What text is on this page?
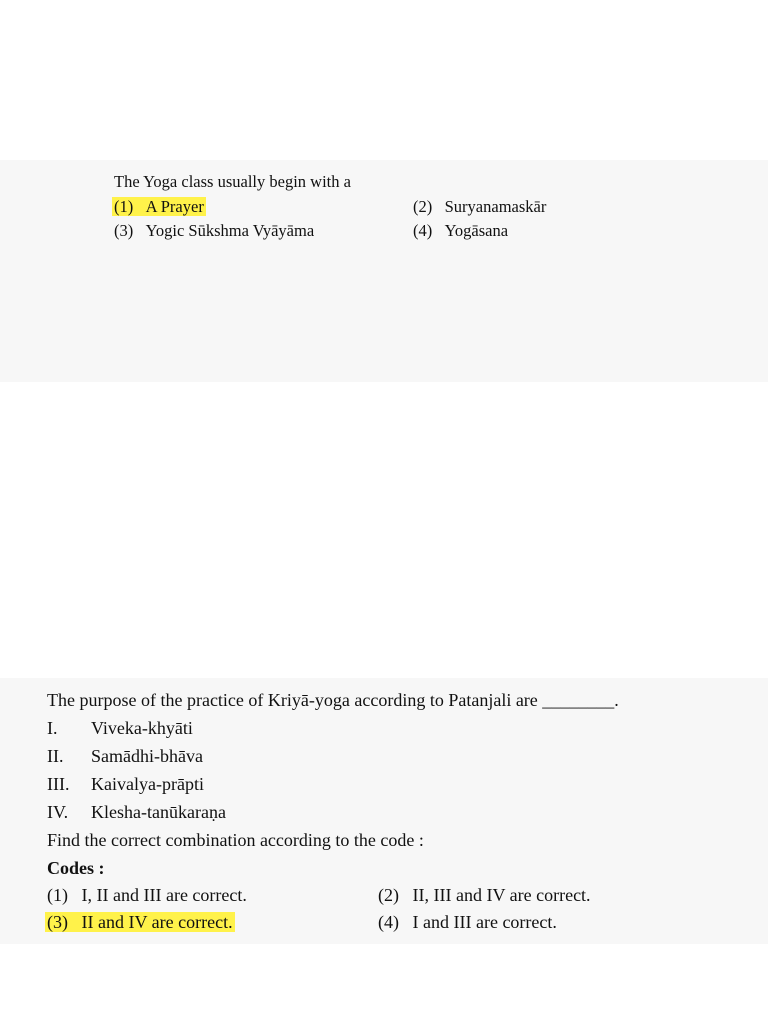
The Yoga class usually begin with a
(1) A Prayer	(2) Suryanamaskār
(3) Yogic Sūkshma Vyāyāma	(4) Yogāsana
The purpose of the practice of Kriyā-yoga according to Patanjali are ________.
I. Viveka-khyāti
II. Samādhi-bhāva
III. Kaivalya-prāpti
IV. Klesha-tanūkaraṇa
Find the correct combination according to the code :
Codes :
(1) I, II and III are correct.	(2) II, III and IV are correct.
(3) II and IV are correct.	(4) I and III are correct.
